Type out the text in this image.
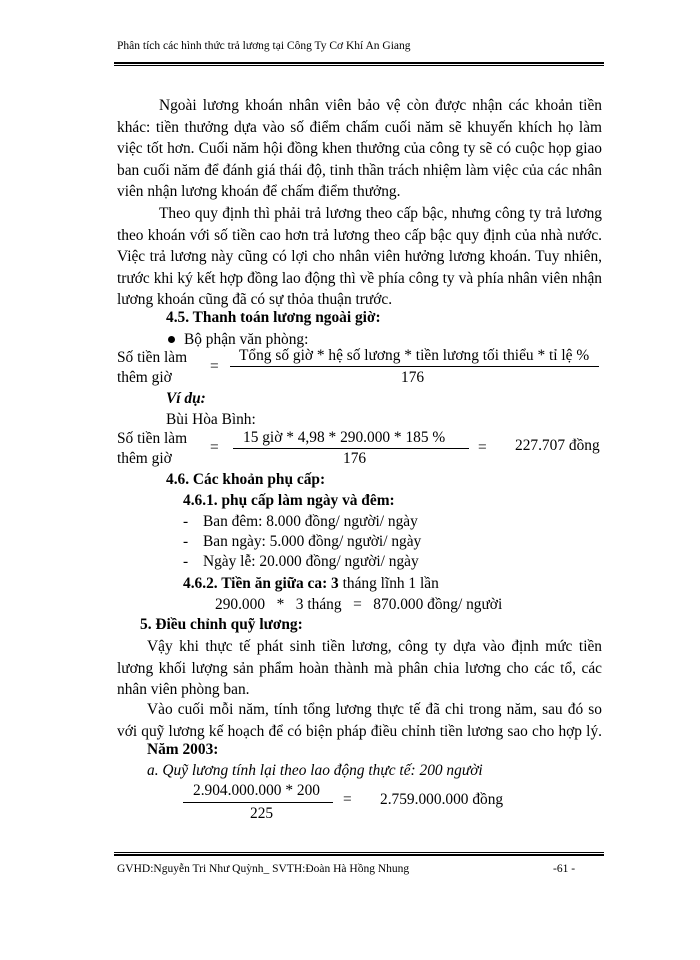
Phân tích các hình thức trả lương tại Công Ty Cơ Khí An Giang
Ngoài lương khoán nhân viên bảo vệ còn được nhận các khoản tiền
khác: tiền thưởng dựa vào số điểm chấm cuối năm sẽ khuyến khích họ làm
việc tốt hơn. Cuối năm hội đồng khen thưởng của công ty sẽ có cuộc họp giao
ban cuối năm để đánh giá thái độ, tinh thần trách nhiệm làm việc của các nhân
viên nhận lương khoán để chấm điểm thưởng.
Theo quy định thì phải trả lương theo cấp bậc, nhưng công ty trả lương
theo khoán với số tiền cao hơn trả lương theo cấp bậc quy định của nhà nước.
Việc trả lương này cũng có lợi cho nhân viên hưởng lương khoán. Tuy nhiên,
trước khi ký kết hợp đồng lao động thì về phía công ty và phía nhân viên nhận
lương khoán cũng đã có sự thỏa thuận trước.
4.5. Thanh toán lương ngoài giờ:
Bộ phận văn phòng:
Số tiền làm
thêm giờ
=
Tổng số giờ * hệ số lương * tiền lương tối thiểu * tỉ lệ %
176
Ví dụ:
Bùi Hòa Bình:
Số tiền làm
thêm giờ
=
15 giờ * 4,98 * 290.000 * 185 %
176
= 227.707 đồng
4.6. Các khoản phụ cấp:
4.6.1. phụ cấp làm ngày và đêm:
- Ban đêm: 8.000 đồng/ người/ ngày
- Ban ngày: 5.000 đồng/ người/ ngày
- Ngày lễ: 20.000 đồng/ người/ ngày
4.6.2. Tiền ăn giữa ca: 3 tháng lĩnh 1 lần
290.000   *   3 tháng   =   870.000 đồng/ người
5. Điều chỉnh quỹ lương:
Vậy khi thực tế phát sinh tiền lương, công ty dựa vào định mức tiền
lương khối lượng sản phẩm hoàn thành mà phân chia lương cho các tổ, các
nhân viên phòng ban.
Vào cuối mỗi năm, tính tổng lương thực tế đã chi trong năm, sau đó so
với quỹ lương kế hoạch để có biện pháp điều chỉnh tiền lương sao cho hợp lý.
Năm 2003:
a. Quỹ lương tính lại theo lao động thực tế: 200 người
2.904.000.000 * 200
225
= 2.759.000.000 đồng
GVHD:Nguyễn Tri Như Quỳnh_ SVTH:Đoàn Hà Hồng Nhung	-61 -
